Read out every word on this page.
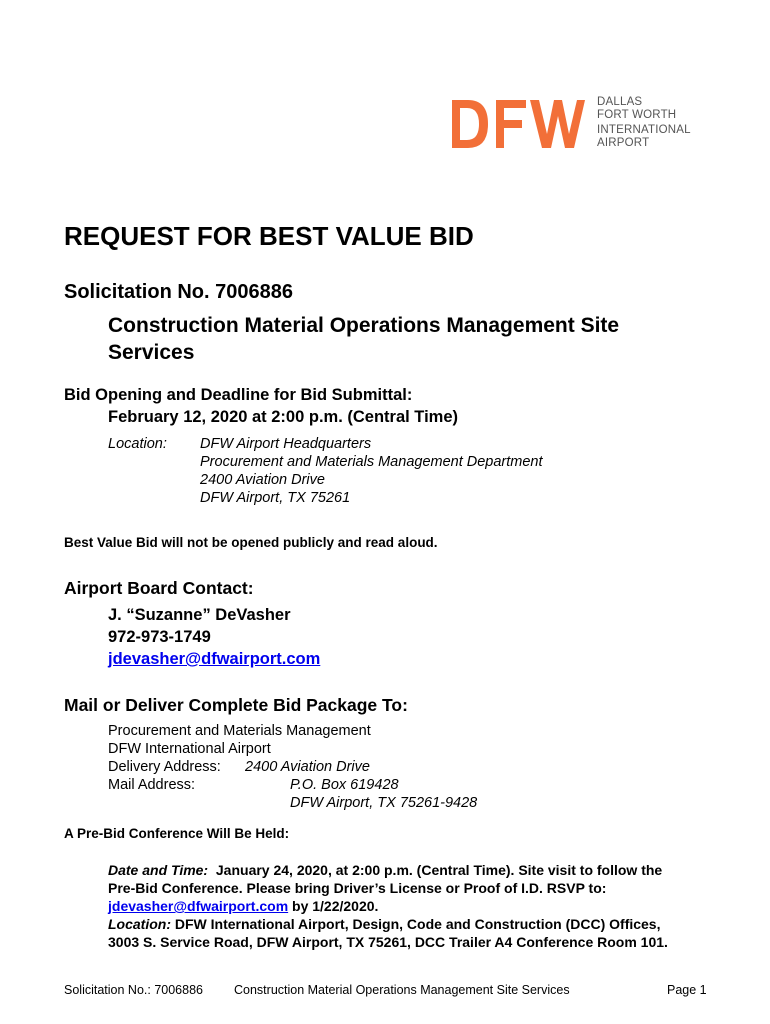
DALLAS
FORT WORTH
INTERNATIONAL
AIRPORT
REQUEST FOR BEST VALUE BID
Solicitation No. 7006886
Construction Material Operations Management Site
Services
Bid Opening and Deadline for Bid Submittal:
February 12, 2020 at 2:00 p.m. (Central Time)
Location: DFW Airport Headquarters
Procurement and Materials Management Department
2400 Aviation Drive
DFW Airport, TX 75261
Best Value Bid will not be opened publicly and read aloud.
Airport Board Contact:
J. “Suzanne” DeVasher
972-973-1749
jdevasher@dfwairport.com
Mail or Deliver Complete Bid Package To:
Procurement and Materials Management
DFW International Airport
Delivery Address: 2400 Aviation Drive
Mail Address:	P.O. Box 619428
DFW Airport, TX 75261-9428
A Pre-Bid Conference Will Be Held:
Date and Time: January 24, 2020, at 2:00 p.m. (Central Time). Site visit to follow the
Pre-Bid Conference. Please bring Driver’s License or Proof of I.D. RSVP to:
jdevasher@dfwairport.com by 1/22/2020.
Location: DFW International Airport, Design, Code and Construction (DCC) Offices,
3003 S. Service Road, DFW Airport, TX 75261, DCC Trailer A4 Conference Room 101.
Solicitation No.: 7006886 Construction Material Operations Management Site Services	Page 1
